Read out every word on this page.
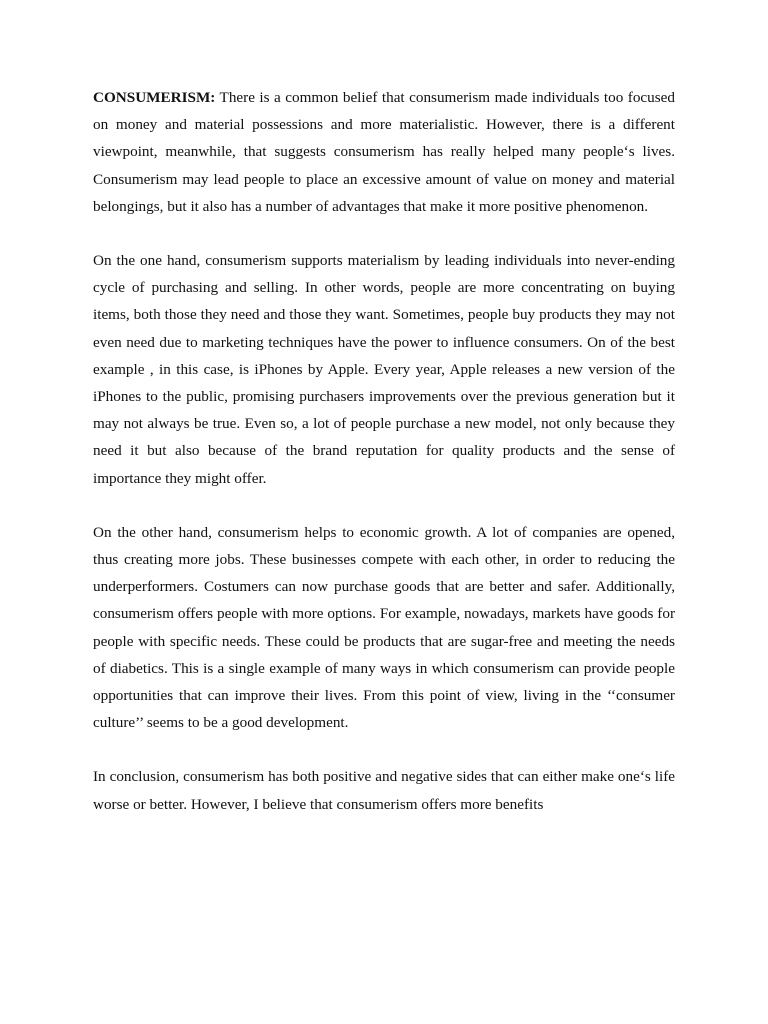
CONSUMERISM: There is a common belief that consumerism made individuals too focused on money and material possessions and more materialistic. However, there is a different viewpoint, meanwhile, that suggests consumerism has really helped many people‘s lives. Consumerism may lead people to place an excessive amount of value on money and material belongings, but it also has a number of advantages that make it more positive phenomenon.

On the one hand, consumerism supports materialism by leading individuals into never-ending cycle of purchasing and selling. In other words, people are more concentrating on buying items, both those they need and those they want. Sometimes, people buy products they may not even need due to marketing techniques have the power to influence consumers. On of the best example , in this case, is iPhones by Apple. Every year, Apple releases a new version of the iPhones to the public, promising purchasers improvements over the previous generation but it may not always be true. Even so, a lot of people purchase a new model, not only because they need it but also because of the brand reputation for quality products and the sense of importance they might offer.

On the other hand, consumerism helps to economic growth. A lot of companies are opened, thus creating more jobs. These businesses compete with each other, in order to reducing the underperformers. Costumers can now purchase goods that are better and safer. Additionally, consumerism offers people with more options. For example, nowadays, markets have goods for people with specific needs. These could be products that are sugar-free and meeting the needs of diabetics. This is a single example of many ways in which consumerism can provide people opportunities that can improve their lives. From this point of view, living in the ‘‘consumer culture’’ seems to be a good development.

In conclusion, consumerism has both positive and negative sides that can either make one‘s life worse or better. However, I believe that consumerism offers more benefits
